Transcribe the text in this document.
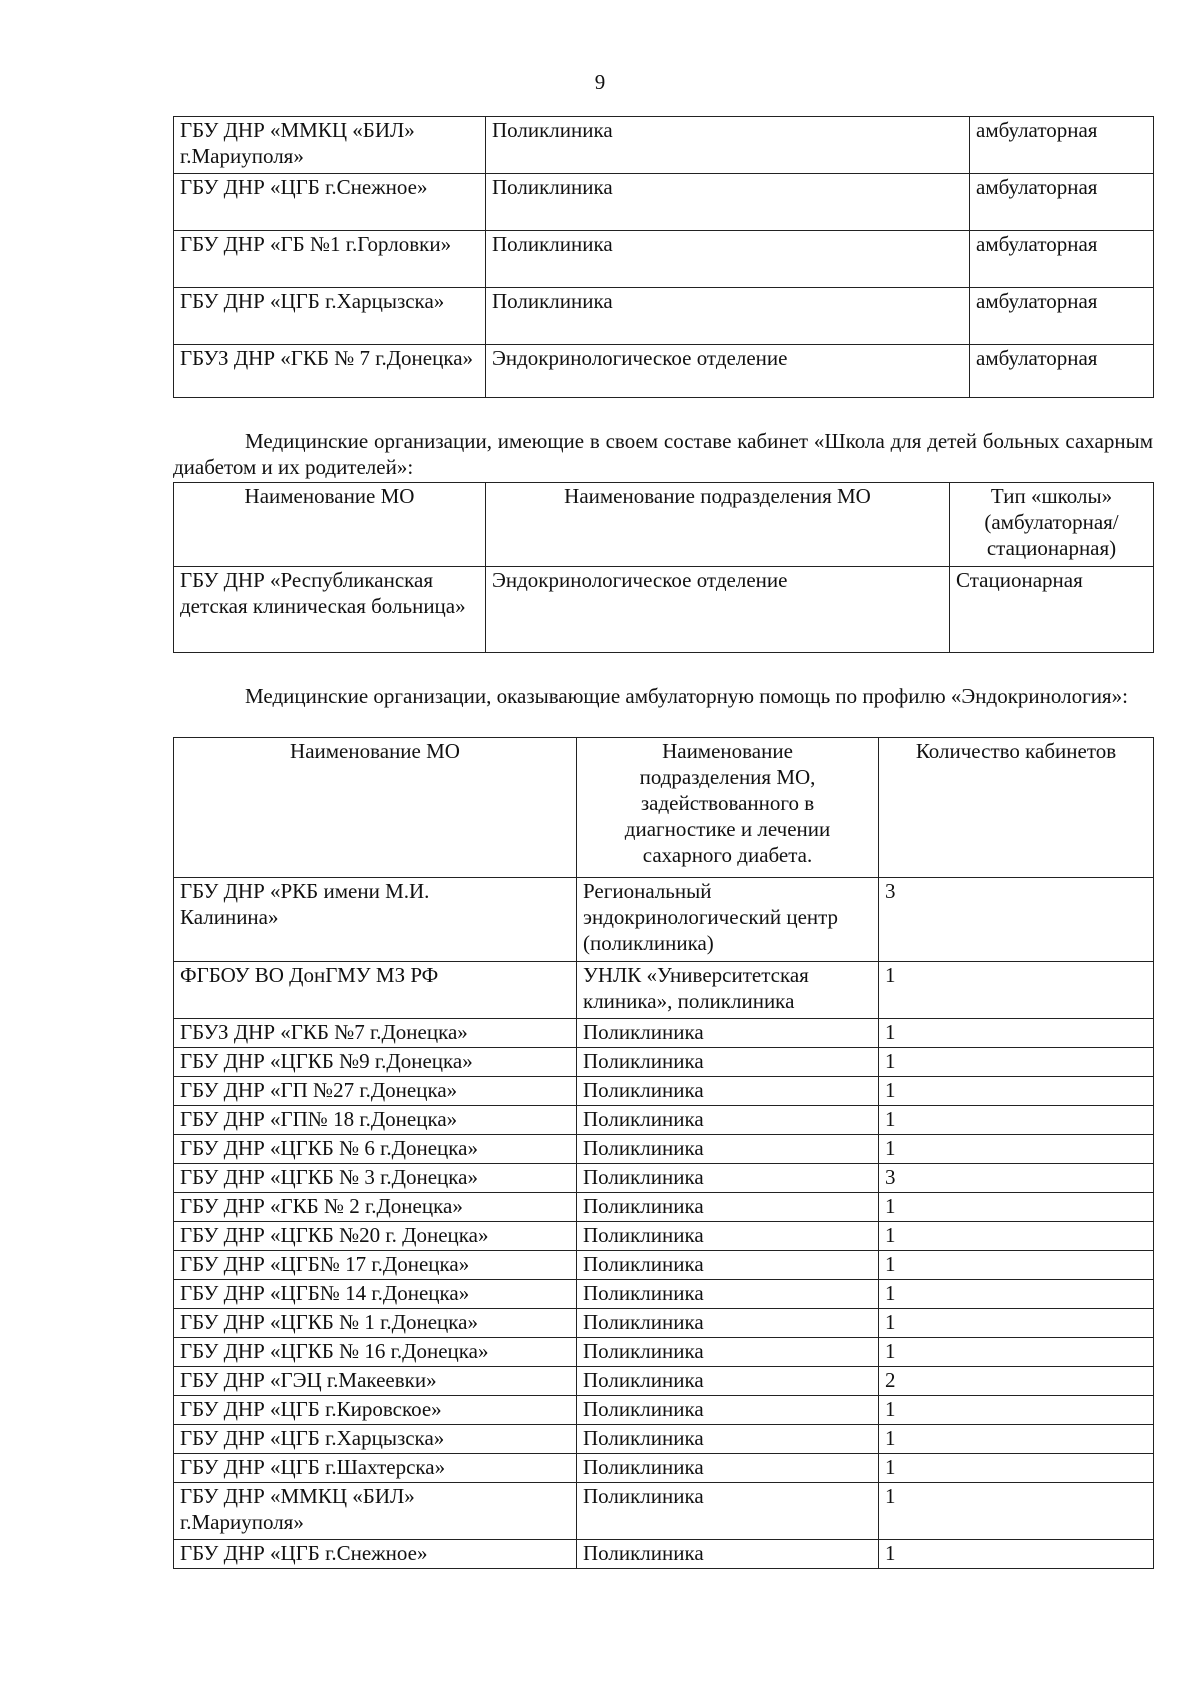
9
ГБУ ДНР «ММКЦ «БИЛ» г.Мариуполя»	Поликлиника	амбулаторная
ГБУ ДНР «ЦГБ г.Снежное»	Поликлиника	амбулаторная
ГБУ ДНР «ГБ №1 г.Горловки»	Поликлиника	амбулаторная
ГБУ ДНР «ЦГБ г.Харцызска»	Поликлиника	амбулаторная
ГБУЗ ДНР «ГКБ № 7 г.Донецка»	Эндокринологическое отделение	амбулаторная

Медицинские организации, имеющие в своем составе кабинет «Школа для детей больных сахарным диабетом и их родителей»:

Наименование МО	Наименование подразделения МО	Тип «школы» (амбулаторная/ стационарная)
ГБУ ДНР «Республиканская детская клиническая больница»	Эндокринологическое отделение	Стационарная

Медицинские организации, оказывающие амбулаторную помощь по профилю «Эндокринология»:

Наименование МО	Наименование подразделения МО, задействованного в диагностике и лечении сахарного диабета.	Количество кабинетов
ГБУ ДНР «РКБ имени М.И. Калинина»	Региональный эндокринологический центр (поликлиника)	3
ФГБОУ ВО ДонГМУ МЗ РФ	УНЛК «Университетская клиника», поликлиника	1
ГБУЗ ДНР «ГКБ №7 г.Донецка»	Поликлиника	1
ГБУ ДНР «ЦГКБ №9 г.Донецка»	Поликлиника	1
ГБУ ДНР «ГП №27 г.Донецка»	Поликлиника	1
ГБУ ДНР «ГП№ 18 г.Донецка»	Поликлиника	1
ГБУ ДНР «ЦГКБ № 6 г.Донецка»	Поликлиника	1
ГБУ ДНР «ЦГКБ № 3 г.Донецка»	Поликлиника	3
ГБУ ДНР «ГКБ № 2 г.Донецка»	Поликлиника	1
ГБУ ДНР «ЦГКБ №20 г. Донецка»	Поликлиника	1
ГБУ ДНР «ЦГБ№ 17 г.Донецка»	Поликлиника	1
ГБУ ДНР «ЦГБ№ 14 г.Донецка»	Поликлиника	1
ГБУ ДНР «ЦГКБ № 1 г.Донецка»	Поликлиника	1
ГБУ ДНР «ЦГКБ № 16 г.Донецка»	Поликлиника	1
ГБУ ДНР «ГЭЦ г.Макеевки»	Поликлиника	2
ГБУ ДНР «ЦГБ г.Кировское»	Поликлиника	1
ГБУ ДНР «ЦГБ г.Харцызска»	Поликлиника	1
ГБУ ДНР «ЦГБ г.Шахтерска»	Поликлиника	1
ГБУ ДНР «ММКЦ «БИЛ» г.Мариуполя»	Поликлиника	1
ГБУ ДНР «ЦГБ г.Снежное»	Поликлиника	1
